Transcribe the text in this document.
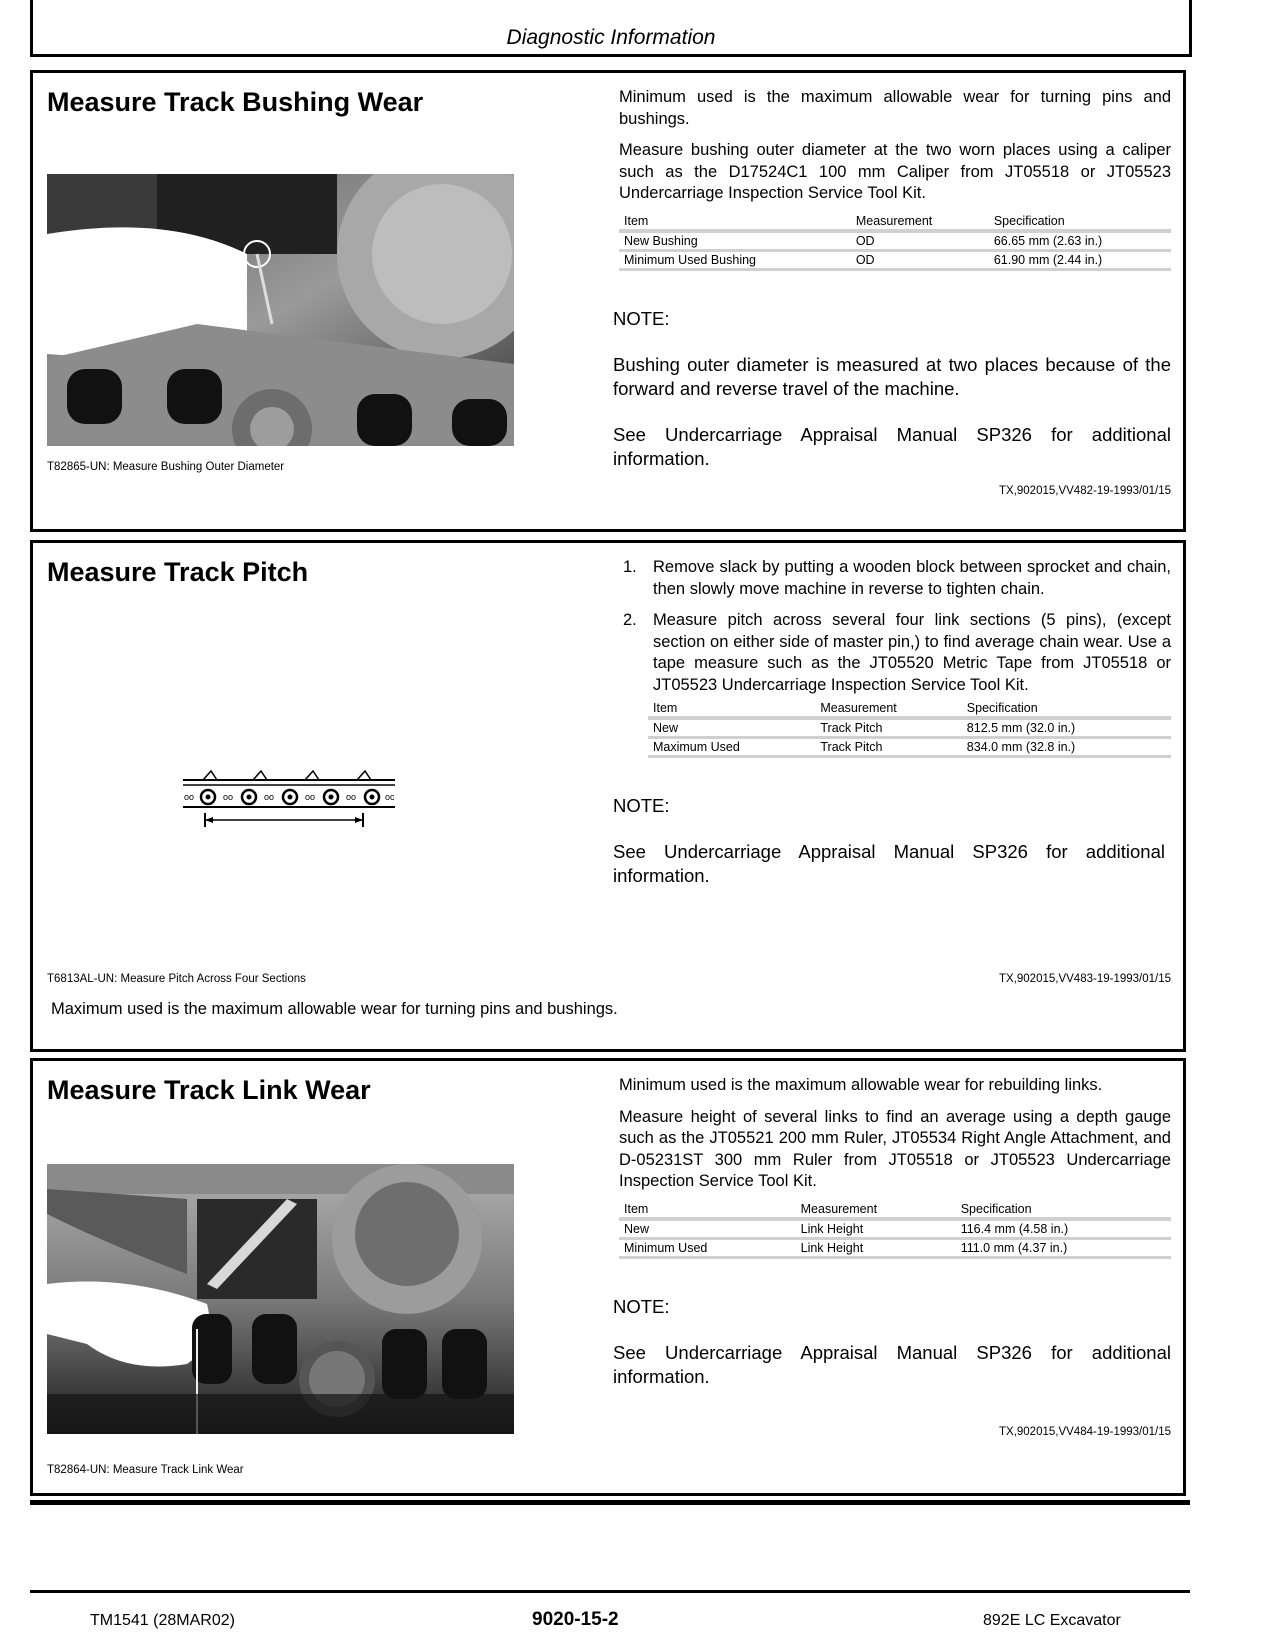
Diagnostic Information
Measure Track Bushing Wear
T82865-UN: Measure Bushing Outer Diameter
TX,902015,VV482-19-1993/01/15

Minimum used is the maximum allowable wear for turning pins and bushings.

Measure bushing outer diameter at the two worn places using a caliper such as the D17524C1 100 mm Caliper from JT05518 or JT05523 Undercarriage Inspection Service Tool Kit.

Item	Measurement	Specification
New Bushing	OD	66.65 mm (2.63 in.)
Minimum Used Bushing	OD	61.90 mm (2.44 in.)

NOTE:

Bushing outer diameter is measured at two places because of the forward and reverse travel of the machine.

See Undercarriage Appraisal Manual SP326 for additional information.

Measure Track Pitch
oo	oo	oo	oo	oo	oc
T6813AL-UN: Measure Pitch Across Four Sections	TX,902015,VV483-19-1993/01/15
Maximum used is the maximum allowable wear for turning pins and bushings.
1. Remove slack by putting a wooden block between sprocket and chain, then slowly move machine in reverse to tighten chain.
2. Measure pitch across several four link sections (5 pins), (except section on either side of master pin,) to find average chain wear. Use a tape measure such as the JT05520 Metric Tape from JT05518 or JT05523 Undercarriage Inspection Service Tool Kit.
Item	Measurement	Specification
New	Track Pitch	812.5 mm (32.0 in.)
Maximum Used	Track Pitch	834.0 mm (32.8 in.)

NOTE:

See Undercarriage Appraisal Manual SP326 for additional information.

Measure Track Link Wear
T82864-UN: Measure Track Link Wear
TX,902015,VV484-19-1993/01/15

Minimum used is the maximum allowable wear for rebuilding links.

Measure height of several links to find an average using a depth gauge such as the JT05521 200 mm Ruler, JT05534 Right Angle Attachment, and D-05231ST 300 mm Ruler from JT05518 or JT05523 Undercarriage Inspection Service Tool Kit.

Item	Measurement	Specification
New	Link Height	116.4 mm (4.58 in.)
Minimum Used	Link Height	111.0 mm (4.37 in.)

NOTE:

See Undercarriage Appraisal Manual SP326 for additional information.

TM1541 (28MAR02)	9020-15-2	892E LC Excavator
